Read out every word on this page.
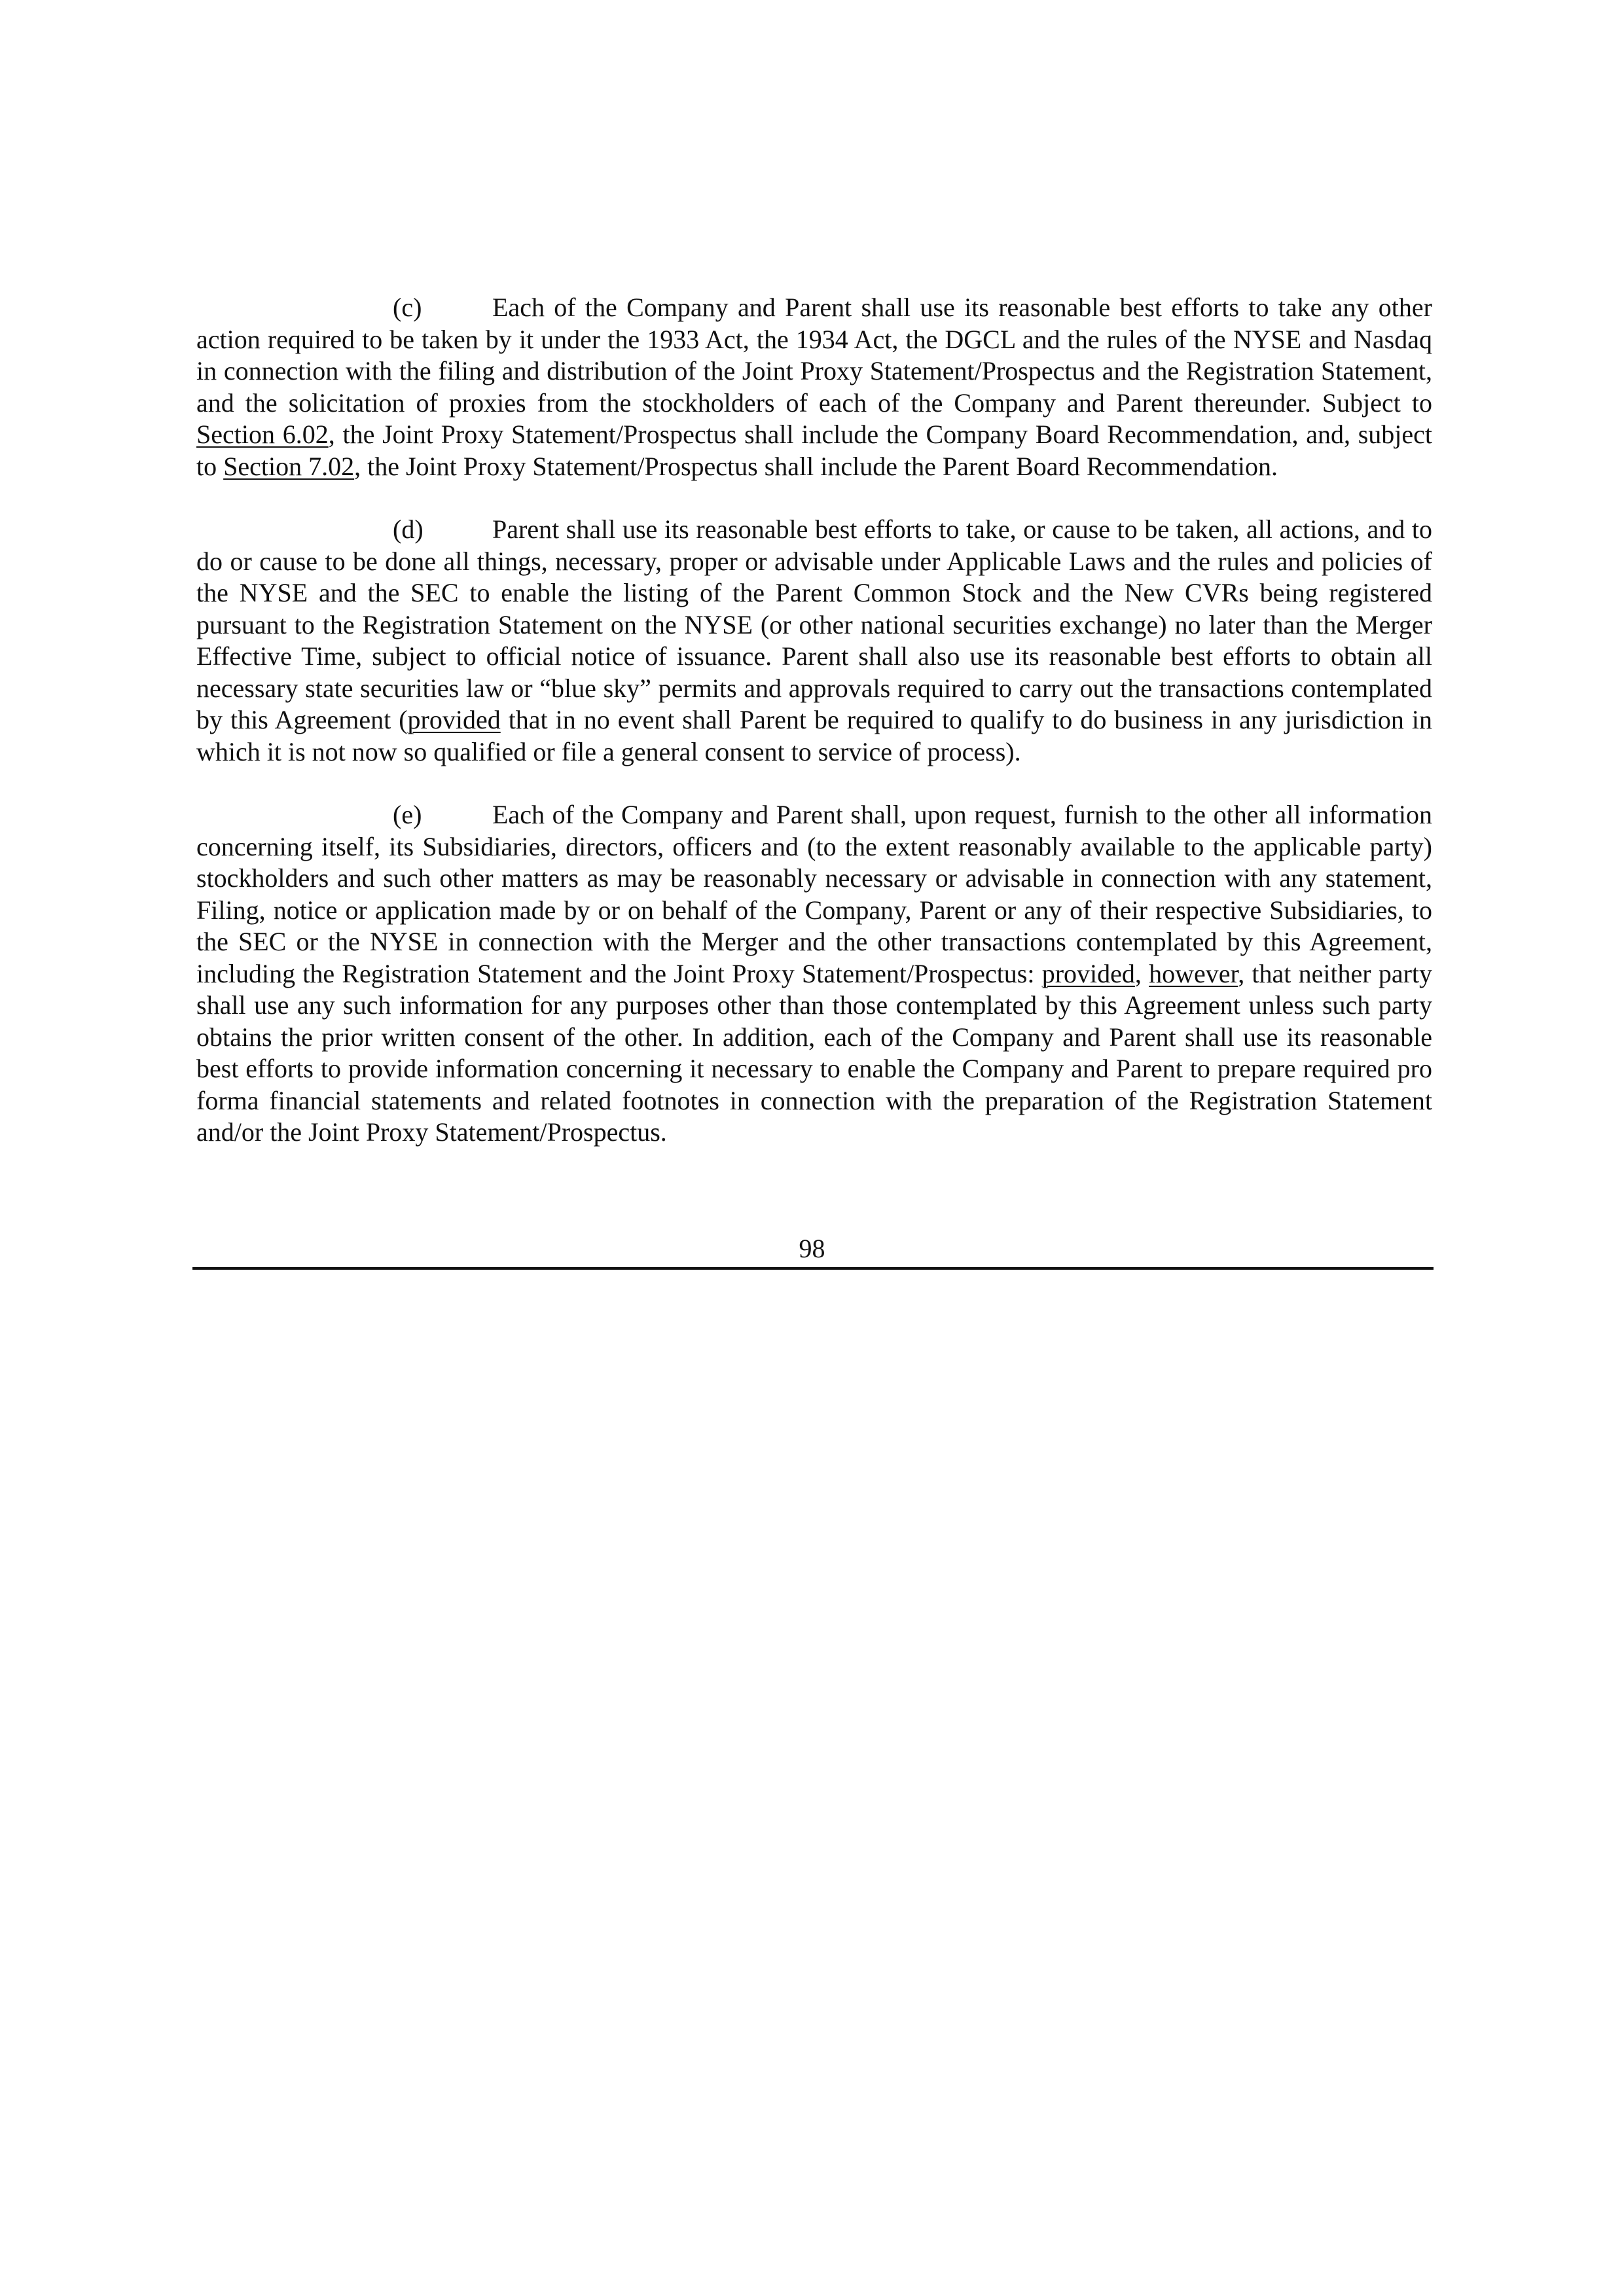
(c)	Each of the Company and Parent shall use its reasonable best efforts to take any other action required to be taken by it under the 1933 Act, the 1934 Act, the DGCL and the rules of the NYSE and Nasdaq in connection with the filing and distribution of the Joint Proxy Statement/Prospectus and the Registration Statement, and the solicitation of proxies from the stockholders of each of the Company and Parent thereunder. Subject to Section 6.02, the Joint Proxy Statement/Prospectus shall include the Company Board Recommendation, and, subject to Section 7.02, the Joint Proxy Statement/Prospectus shall include the Parent Board Recommendation.

(d)	Parent shall use its reasonable best efforts to take, or cause to be taken, all actions, and to do or cause to be done all things, necessary, proper or advisable under Applicable Laws and the rules and policies of the NYSE and the SEC to enable the listing of the Parent Common Stock and the New CVRs being registered pursuant to the Registration Statement on the NYSE (or other national securities exchange) no later than the Merger Effective Time, subject to official notice of issuance. Parent shall also use its reasonable best efforts to obtain all necessary state securities law or “blue sky” permits and approvals required to carry out the transactions contemplated by this Agreement (provided that in no event shall Parent be required to qualify to do business in any jurisdiction in which it is not now so qualified or file a general consent to service of process).

(e)	Each of the Company and Parent shall, upon request, furnish to the other all information concerning itself, its Subsidiaries, directors, officers and (to the extent reasonably available to the applicable party) stockholders and such other matters as may be reasonably necessary or advisable in connection with any statement, Filing, notice or application made by or on behalf of the Company, Parent or any of their respective Subsidiaries, to the SEC or the NYSE in connection with the Merger and the other transactions contemplated by this Agreement, including the Registration Statement and the Joint Proxy Statement/Prospectus: provided, however, that neither party shall use any such information for any purposes other than those contemplated by this Agreement unless such party obtains the prior written consent of the other. In addition, each of the Company and Parent shall use its reasonable best efforts to provide information concerning it necessary to enable the Company and Parent to prepare required pro forma financial statements and related footnotes in connection with the preparation of the Registration Statement and/or the Joint Proxy Statement/Prospectus.

98
